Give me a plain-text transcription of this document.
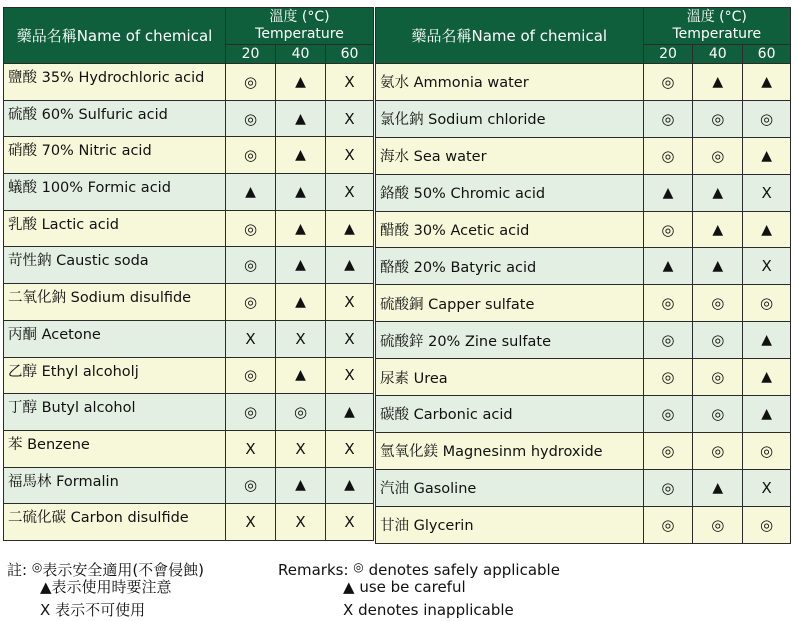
藥品名稱Name of chemical	溫度 (°C)
Temperature		

	20	40	60
鹽酸 35% Hydrochloric acid	◎	▲	X
硫酸 60% Sulfuric acid	◎	▲	X
硝酸 70% Nitric acid	◎	▲	X
蟻酸 100% Formic acid	▲	▲	X
乳酸 Lactic acid	◎	▲	▲
苛性鈉 Caustic soda	◎	▲	▲
二氧化鈉 Sodium disulfide	◎	▲	X
丙酮 Acetone	X	X	X
乙醇 Ethyl alcoholj	◎	▲	X
丁醇 Butyl alcohol	◎	◎	▲
苯 Benzene	X	X	X
福馬林 Formalin	◎	▲	▲
二硫化碳 Carbon disulfide	X	X	X
藥品名稱Name of chemical	溫度 (°C)
Temperature		

	20	40	60
氨水 Ammonia water	◎	▲	▲
氯化鈉 Sodium chloride	◎	◎	◎
海水 Sea water	◎	◎	▲
鉻酸 50% Chromic acid	▲	▲	X
醋酸 30% Acetic acid	◎	▲	▲
酪酸 20% Batyric acid	▲	▲	X
硫酸銅 Capper sulfate	◎	◎	◎
硫酸鋅 20% Zine sulfate	◎	◎	▲
尿素 Urea	◎	◎	▲
碳酸 Carbonic acid	◎	◎	▲
氫氧化鎂 Magnesinm hydroxide	◎	◎	◎
汽油 Gasoline	◎	▲	X
甘油 Glycerin	◎	◎	◎
註: ◎表示安全適用(不會侵蝕)
▲表示使用時要注意
X 表示不可使用
Remarks: ◎ denotes safely applicable
▲ use be careful
X denotes inapplicable
